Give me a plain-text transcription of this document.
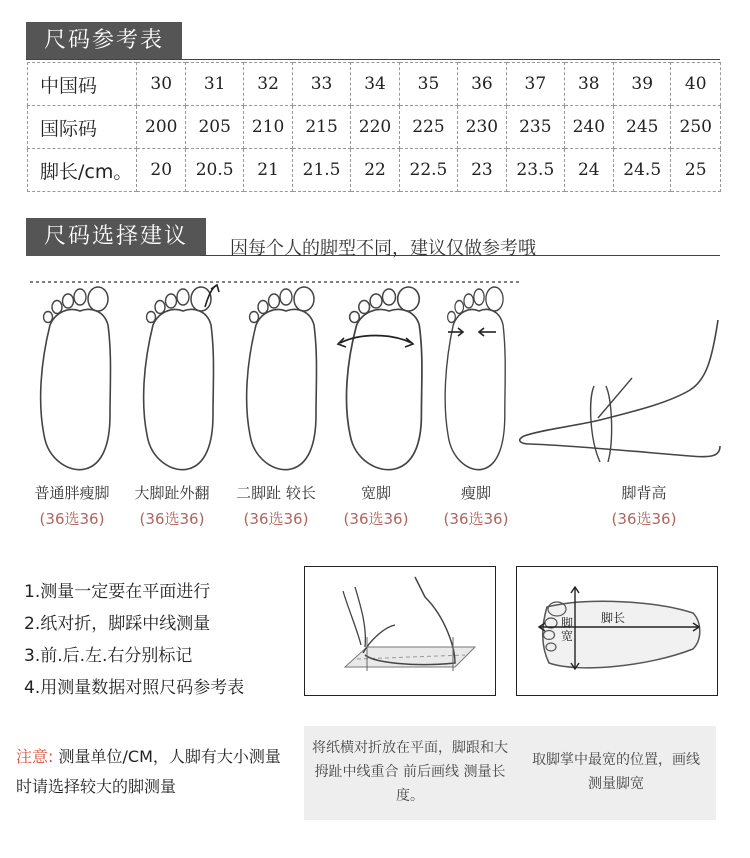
尺码参考表
中国码	30	31	32	33	34	35	36	37	38	39	40
国际码	200	205	210	215	220	225	230	235	240	245	250
脚长/cm。	20	20.5	21	21.5	22	22.5	23	23.5	24	24.5	25
尺码选择建议	因每个人的脚型不同，建议仅做参考哦
普通胖瘦脚
(36选36)
大脚趾外翻
(36选36)
二脚趾 较长
(36选36)
宽脚
(36选36)
瘦脚
(36选36)
脚背高
(36选36)
1.测量一定要在平面进行
2.纸对折，脚踩中线测量
3.前.后.左.右分别标记
4.用测量数据对照尺码参考表
脚长
脚宽
注意: 测量单位/CM，人脚有大小测量时请选择较大的脚测量
将纸横对折放在平面，脚跟和大拇趾中线重合 前后画线 测量长度。
取脚掌中最宽的位置，画线测量脚宽
